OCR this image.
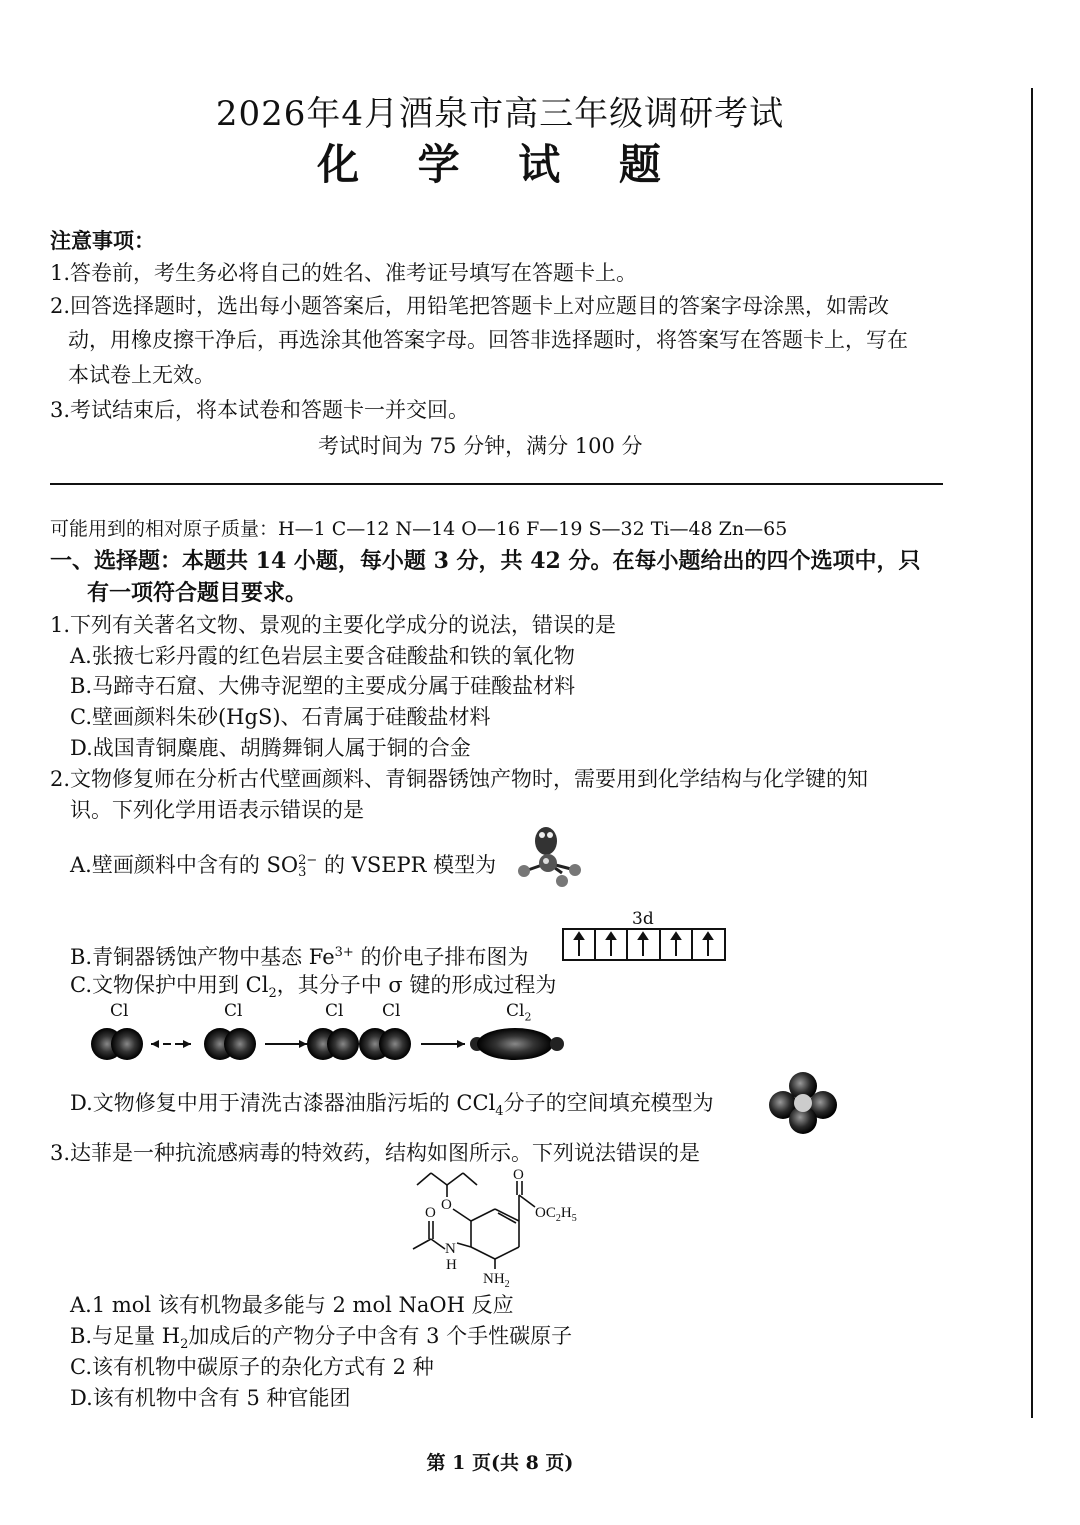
2026年4月酒泉市高三年级调研考试
化 学 试 题
注意事项：
1.答卷前，考生务必将自己的姓名、准考证号填写在答题卡上。
2.回答选择题时，选出每小题答案后，用铅笔把答题卡上对应题目的答案字母涂黑，如需改
动，用橡皮擦干净后，再选涂其他答案字母。回答非选择题时，将答案写在答题卡上，写在
本试卷上无效。
3.考试结束后，将本试卷和答题卡一并交回。
考试时间为 75 分钟，满分 100 分
可能用到的相对原子质量：H—1 C—12 N—14 O—16 F—19 S—32 Ti—48 Zn—65
一、选择题：本题共 14 小题，每小题 3 分，共 42 分。在每小题给出的四个选项中，只
有一项符合题目要求。
1.下列有关著名文物、景观的主要化学成分的说法，错误的是
A.张掖七彩丹霞的红色岩层主要含硅酸盐和铁的氧化物
B.马蹄寺石窟、大佛寺泥塑的主要成分属于硅酸盐材料
C.壁画颜料朱砂(HgS)、石青属于硅酸盐材料
D.战国青铜麋鹿、胡腾舞铜人属于铜的合金
2.文物修复师在分析古代壁画颜料、青铜器锈蚀产物时，需要用到化学结构与化学键的知
识。下列化学用语表示错误的是
A.壁画颜料中含有的 SO 2−
3 的 VSEPR 模型为
3d
B.青铜器锈蚀产物中基态 $Fe^{3+}$ 的价电子排布图为
C.文物保护中用到 $Cl_2$，其分子中 σ 键的形成过程为
Cl	Cl	Cl Cl	$Cl_2$
D.文物修复中用于清洗古漆器油脂污垢的 CCl$_4$分子的空间填充模型为
3.达菲是一种抗流感病毒的特效药，结构如图所示。下列说法错误的是
O
O
O	$OC_2H_5$
N
H
$NH_2$
A.1 mol 该有机物最多能与 2 mol NaOH 反应
B.与足量 $H_2$加成后的产物分子中含有 3 个手性碳原子
C.该有机物中碳原子的杂化方式有 2 种
D.该有机物中含有 5 种官能团
第 1 页(共 8 页)
